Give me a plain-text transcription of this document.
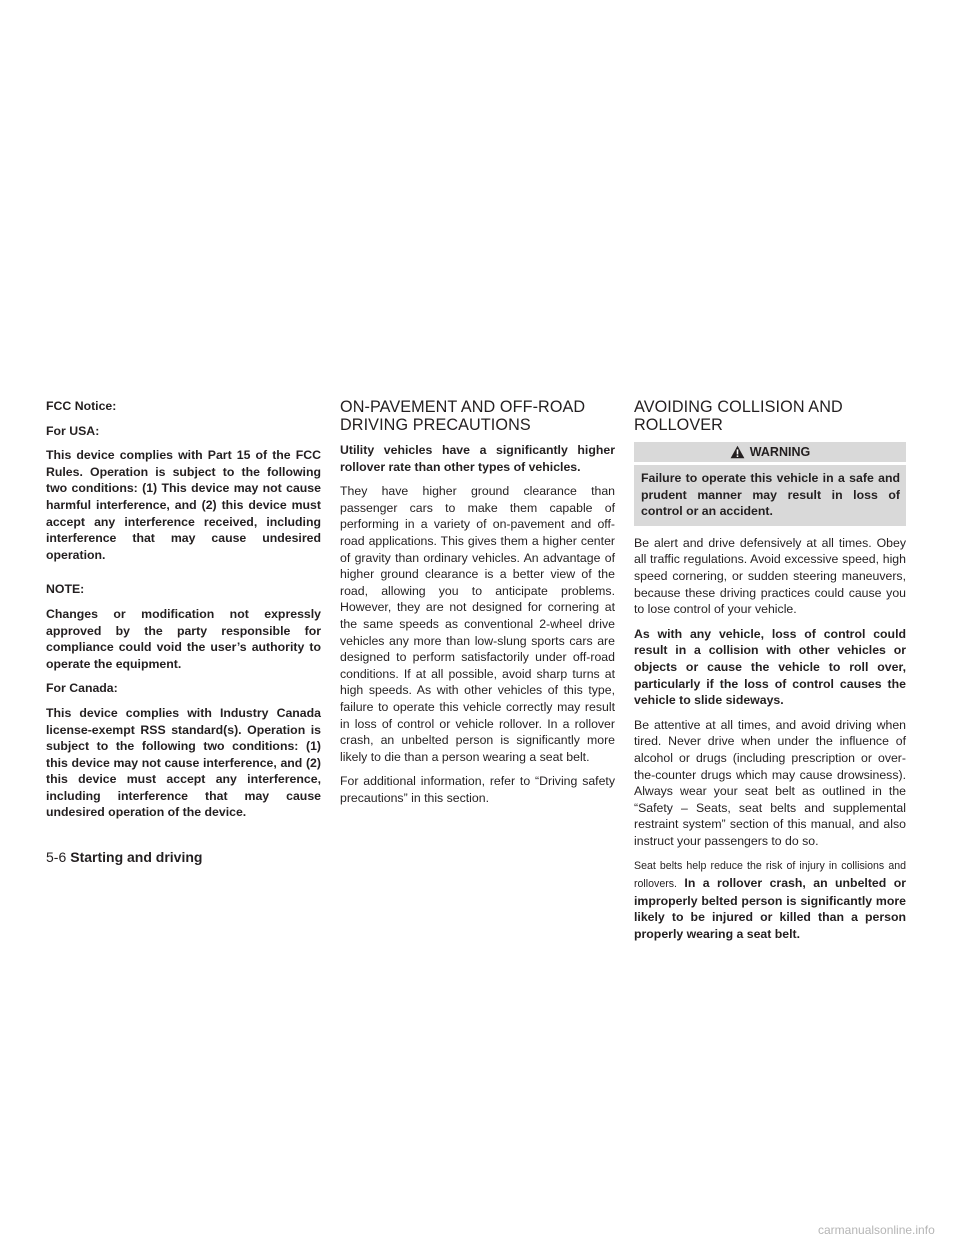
FCC Notice:

For USA:

This device complies with Part 15 of the FCC Rules. Operation is subject to the following two conditions: (1) This device may not cause harmful interference, and (2) this device must accept any interference received, including interference that may cause undesired operation.

NOTE:

Changes or modification not expressly approved by the party responsible for compliance could void the user’s authority to operate the equipment.

For Canada:

This device complies with Industry Canada license-exempt RSS standard(s). Operation is subject to the following two conditions: (1) this device may not cause interference, and (2) this device must accept any interference, including interference that may cause undesired operation of the device.

ON-PAVEMENT AND OFF-ROAD
DRIVING PRECAUTIONS

Utility vehicles have a significantly higher rollover rate than other types of vehicles.

They have higher ground clearance than passenger cars to make them capable of performing in a variety of on-pavement and off-road applications. This gives them a higher center of gravity than ordinary vehicles. An advantage of higher ground clearance is a better view of the road, allowing you to anticipate problems. However, they are not designed for cornering at the same speeds as conventional 2-wheel drive vehicles any more than low-slung sports cars are designed to perform satisfactorily under off-road conditions. If at all possible, avoid sharp turns at high speeds. As with other vehicles of this type, failure to operate this vehicle correctly may result in loss of control or vehicle rollover. In a rollover crash, an unbelted person is significantly more likely to die than a person wearing a seat belt.

For additional information, refer to “Driving safety precautions” in this section.

AVOIDING COLLISION AND
ROLLOVER
WARNING

Failure to operate this vehicle in a safe and prudent manner may result in loss of control or an accident.

Be alert and drive defensively at all times. Obey all traffic regulations. Avoid excessive speed, high speed cornering, or sudden steering maneuvers, because these driving practices could cause you to lose control of your vehicle.

As with any vehicle, loss of control could result in a collision with other vehicles or objects or cause the vehicle to roll over, particularly if the loss of control causes the vehicle to slide sideways.

Be attentive at all times, and avoid driving when tired. Never drive when under the influence of alcohol or drugs (including prescription or over-the-counter drugs which may cause drowsiness). Always wear your seat belt as outlined in the “Safety – Seats, seat belts and supplemental restraint system” section of this manual, and also instruct your passengers to do so.

Seat belts help reduce the risk of injury in collisions and rollovers. In a rollover crash, an unbelted or improperly belted person is significantly more likely to be injured or killed than a person properly wearing a seat belt.

5-6 Starting and driving
carmanualsonline.info
